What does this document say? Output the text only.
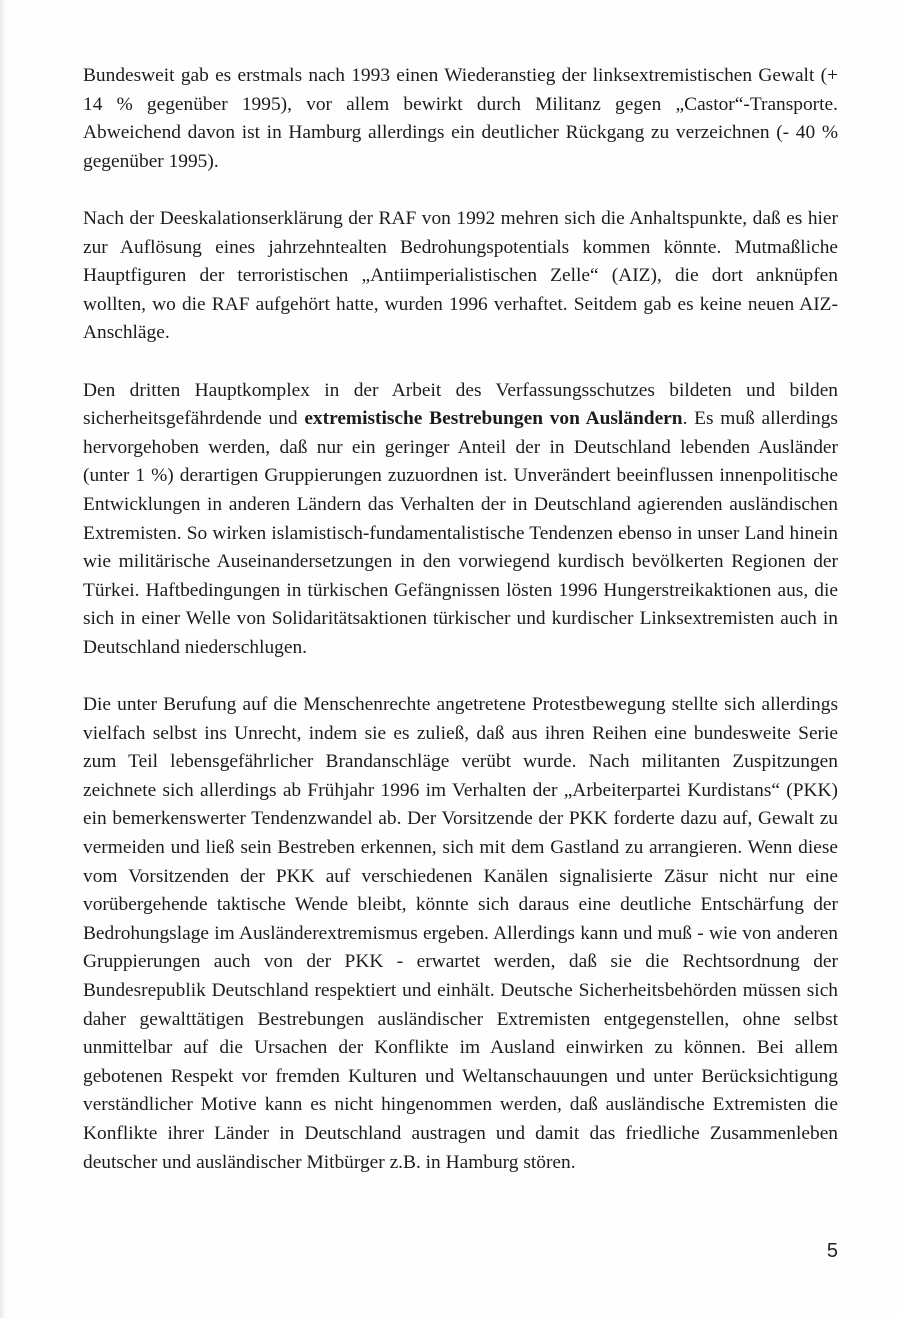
Bundesweit gab es erstmals nach 1993 einen Wiederanstieg der linksextremistischen Gewalt (+ 14 % gegenüber 1995), vor allem bewirkt durch Militanz gegen „Castor“-Transporte. Abweichend davon ist in Hamburg allerdings ein deutlicher Rückgang zu verzeichnen (- 40 % gegenüber 1995).

Nach der Deeskalationserklärung der RAF von 1992 mehren sich die Anhaltspunkte, daß es hier zur Auflösung eines jahrzehntealten Bedrohungspotentials kommen könnte. Mutmaßliche Hauptfiguren der terroristischen „Antiimperialistischen Zelle“ (AIZ), die dort anknüpfen wollten, wo die RAF aufgehört hatte, wurden 1996 verhaftet. Seitdem gab es keine neuen AIZ-Anschläge.

Den dritten Hauptkomplex in der Arbeit des Verfassungsschutzes bildeten und bilden sicherheitsgefährdende und extremistische Bestrebungen von Ausländern. Es muß allerdings hervorgehoben werden, daß nur ein geringer Anteil der in Deutschland lebenden Ausländer (unter 1 %) derartigen Gruppierungen zuzuordnen ist. Unverändert beeinflussen innenpolitische Entwicklungen in anderen Ländern das Verhalten der in Deutschland agierenden ausländischen Extremisten. So wirken islamistisch-fundamentalistische Tendenzen ebenso in unser Land hinein wie militärische Auseinandersetzungen in den vorwiegend kurdisch bevölkerten Regionen der Türkei. Haftbedingungen in türkischen Gefängnissen lösten 1996 Hungerstreikaktionen aus, die sich in einer Welle von Solidaritätsaktionen türkischer und kurdischer Linksextremisten auch in Deutschland niederschlugen.

Die unter Berufung auf die Menschenrechte angetretene Protestbewegung stellte sich allerdings vielfach selbst ins Unrecht, indem sie es zuließ, daß aus ihren Reihen eine bundesweite Serie zum Teil lebensgefährlicher Brandanschläge verübt wurde. Nach militanten Zuspitzungen zeichnete sich allerdings ab Frühjahr 1996 im Verhalten der „Arbeiterpartei Kurdistans“ (PKK) ein bemerkenswerter Tendenzwandel ab. Der Vorsitzende der PKK forderte dazu auf, Gewalt zu vermeiden und ließ sein Bestreben erkennen, sich mit dem Gastland zu arrangieren. Wenn diese vom Vorsitzenden der PKK auf verschiedenen Kanälen signalisierte Zäsur nicht nur eine vorübergehende taktische Wende bleibt, könnte sich daraus eine deutliche Entschärfung der Bedrohungslage im Ausländerextremismus ergeben. Allerdings kann und muß - wie von anderen Gruppierungen auch von der PKK - erwartet werden, daß sie die Rechtsordnung der Bundesrepublik Deutschland respektiert und einhält. Deutsche Sicherheitsbehörden müssen sich daher gewalttätigen Bestrebungen ausländischer Extremisten entgegenstellen, ohne selbst unmittelbar auf die Ursachen der Konflikte im Ausland einwirken zu können. Bei allem gebotenen Respekt vor fremden Kulturen und Weltanschauungen und unter Berücksichtigung verständlicher Motive kann es nicht hingenommen werden, daß ausländische Extremisten die Konflikte ihrer Länder in Deutschland austragen und damit das friedliche Zusammenleben deutscher und ausländischer Mitbürger z.B. in Hamburg stören.

5
